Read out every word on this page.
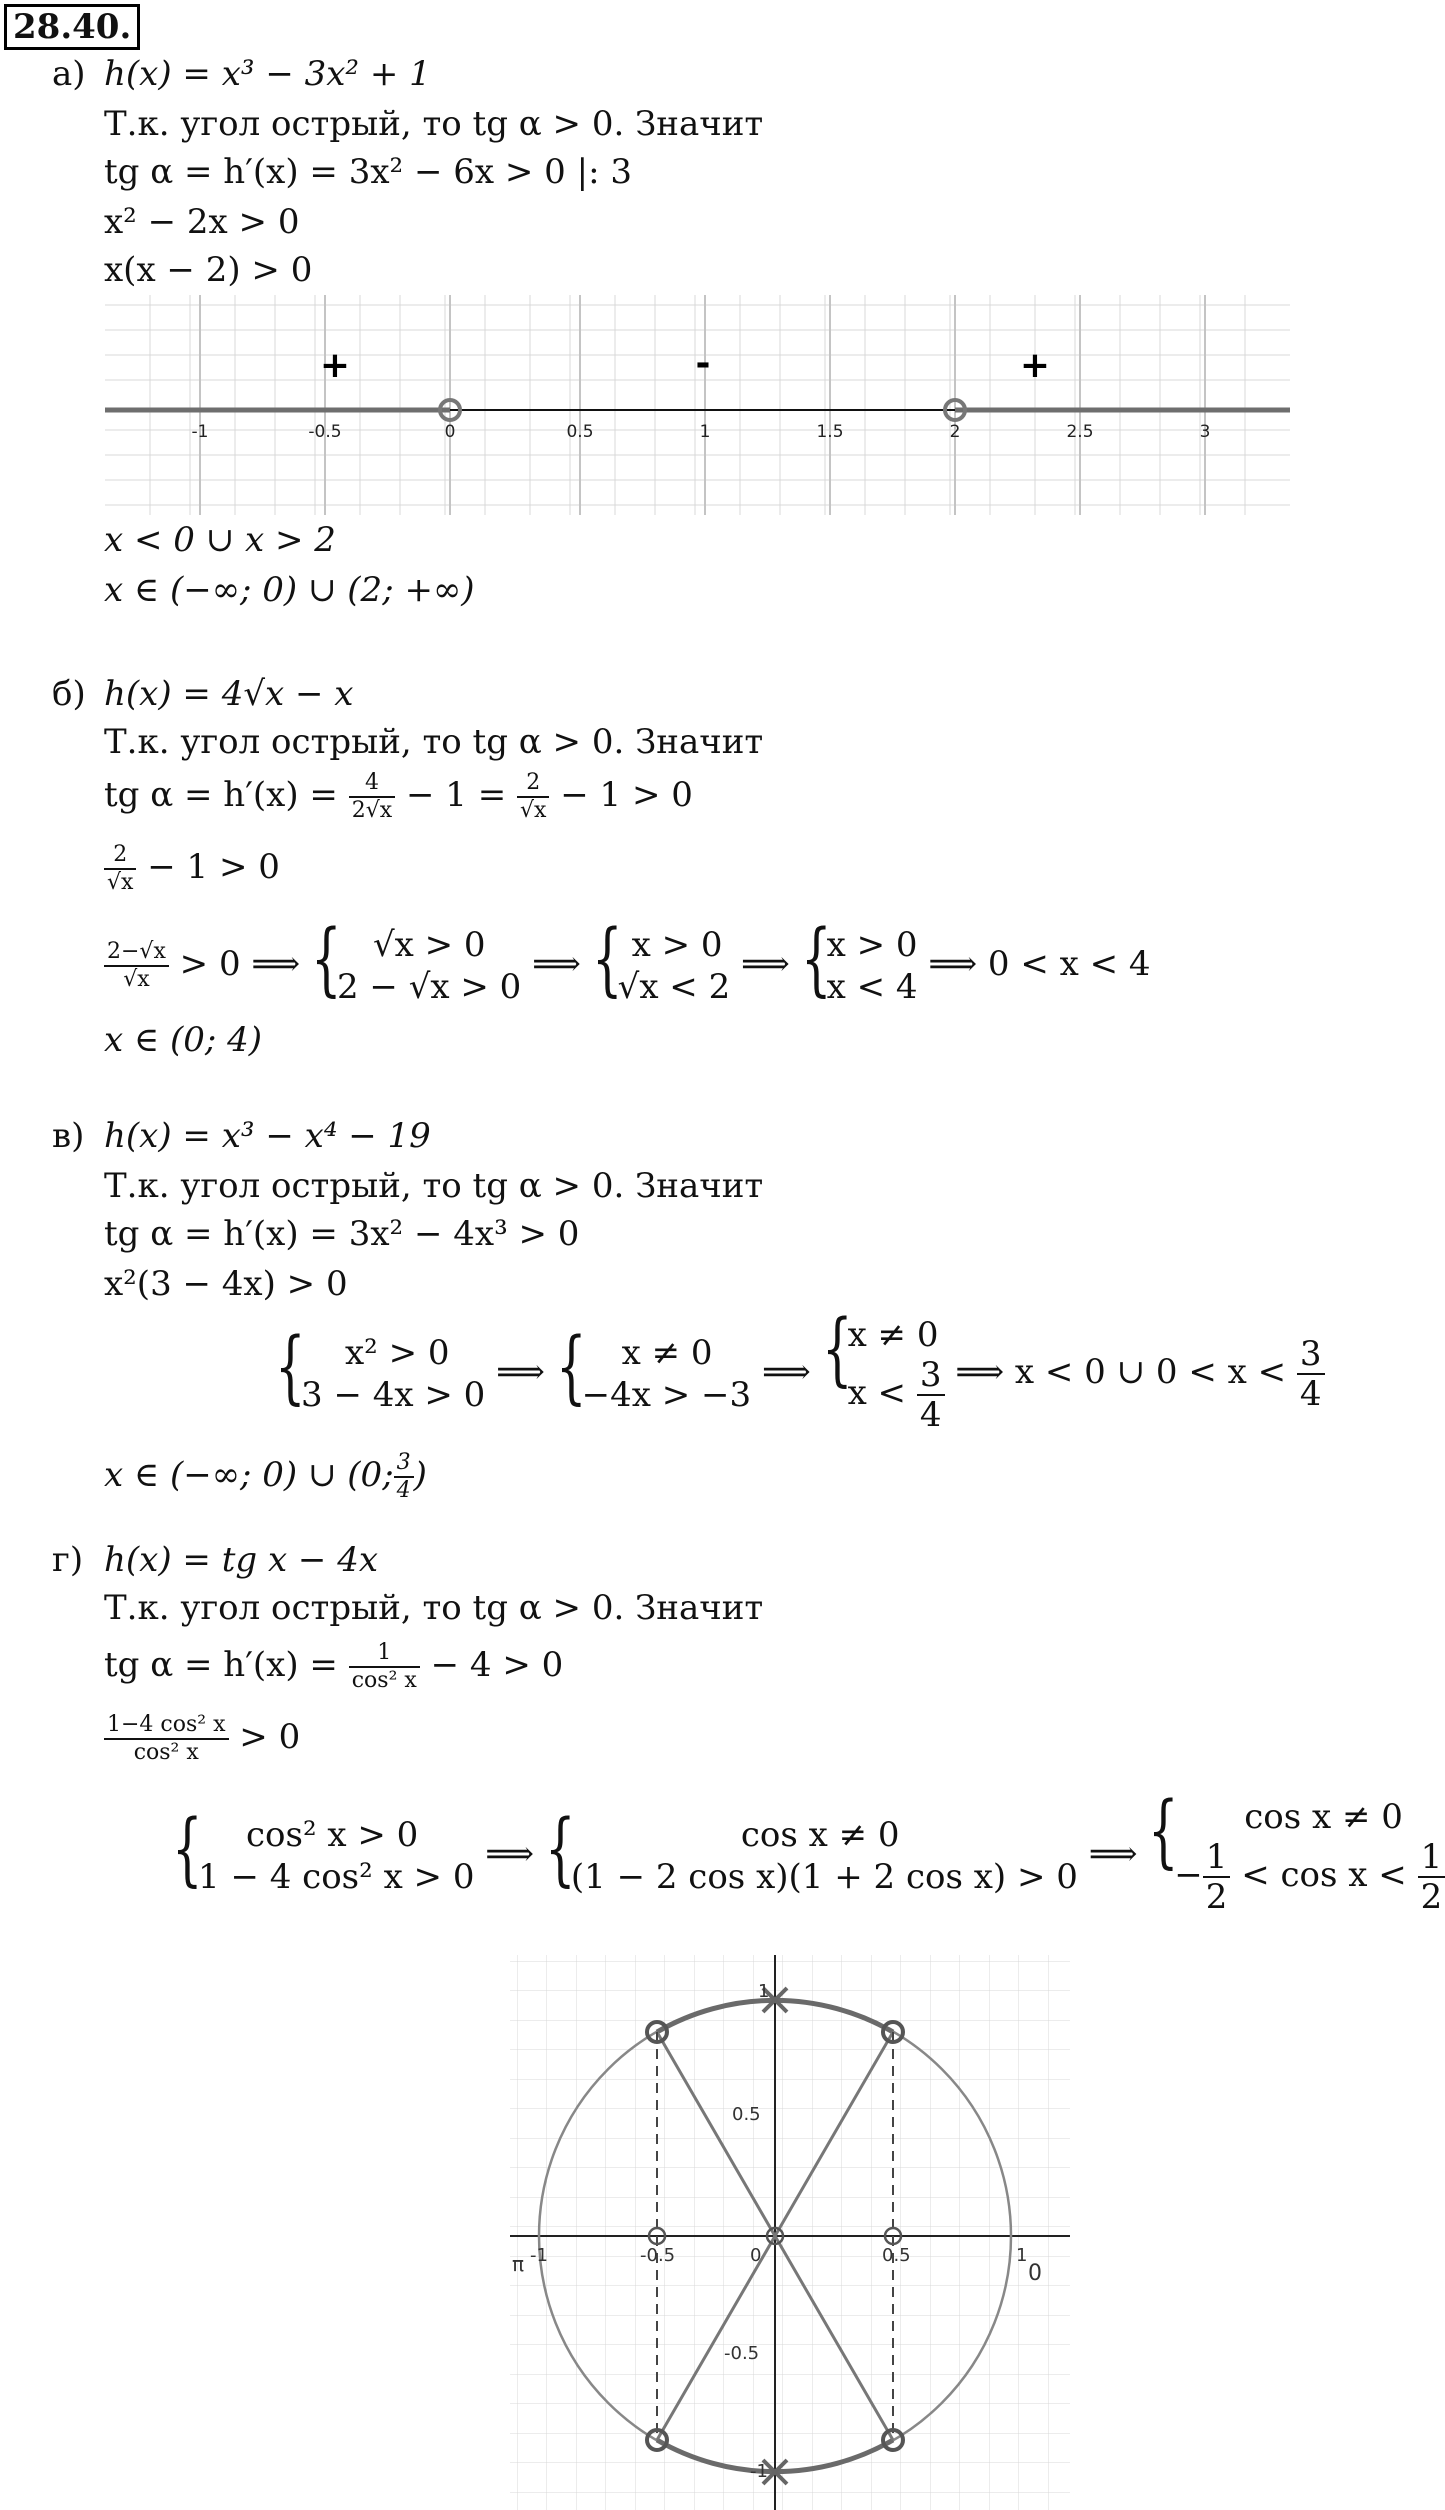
28.40.
а) h(x) = x³ − 3x² + 1
Т.к. угол острый, то tg α > 0. Значит
tg α = h′(x) = 3x² − 6x > 0 |: 3
x² − 2x > 0
x(x − 2) > 0
+	-	+
-1	-0.5	0	0.5	1	1.5	2	2.5	3
x < 0 ∪ x > 2
x ∈ (−∞; 0) ∪ (2; +∞)
б) h(x) = 4√x − x
Т.к. угол острый, то tg α > 0. Значит
tg $\alpha = h'(x) = \frac{4}{2√x} - 1 = \frac{2}{√x} - 1 > 0$
$\frac{2}{√x} - 1 > 0$
$\frac{2-√x}{√x} > 0$ ⟹ { √x > 0
2 − √x > 0
⟹ { x > 0
√x < 2
⟹ {
x > 0
x < 4
⟹ 0 < x < 4
x ∈ (0; 4)
в) h(x) = x³ − x⁴ − 19
Т.к. угол острый, то tg α > 0. Значит
tg α = h′(x) = 3x² − 4x³ > 0
x²(3 − 4x) > 0
{	x² > 0
3 − 4x > 0
⟹ {	x ≠ 0
−4x > −3
⟹ {
x ≠ 0
$x < \frac{3}{4}$ ⟹ x < 0 ∪ $0 < x < \frac{3}{4}$
x ∈ (−∞; 0) ∪ (0; $\frac{3}{4}$ )
г) h(x) = tg x − 4x
Т.к. угол острый, то tg α > 0. Значит
tg $\alpha = h'(x) = \frac{1}{\text{cos² x}} - 4 > 0$
$\frac{\text{1−4 cos² x}}{\text{cos² x}} > 0$
{	cos² x > 0
1 − 4 cos² x > 0
⟹ {	cos x ≠ 0
(1 − 2 cos x)(1 + 2 cos x) > 0
⟹ {	cos x ≠ 0
− $\frac{1}{2} < \cos x < \frac{1}{2}$
1
0.5
-0.5
-1
-1	-0.5	0	0.5	1
π	0
